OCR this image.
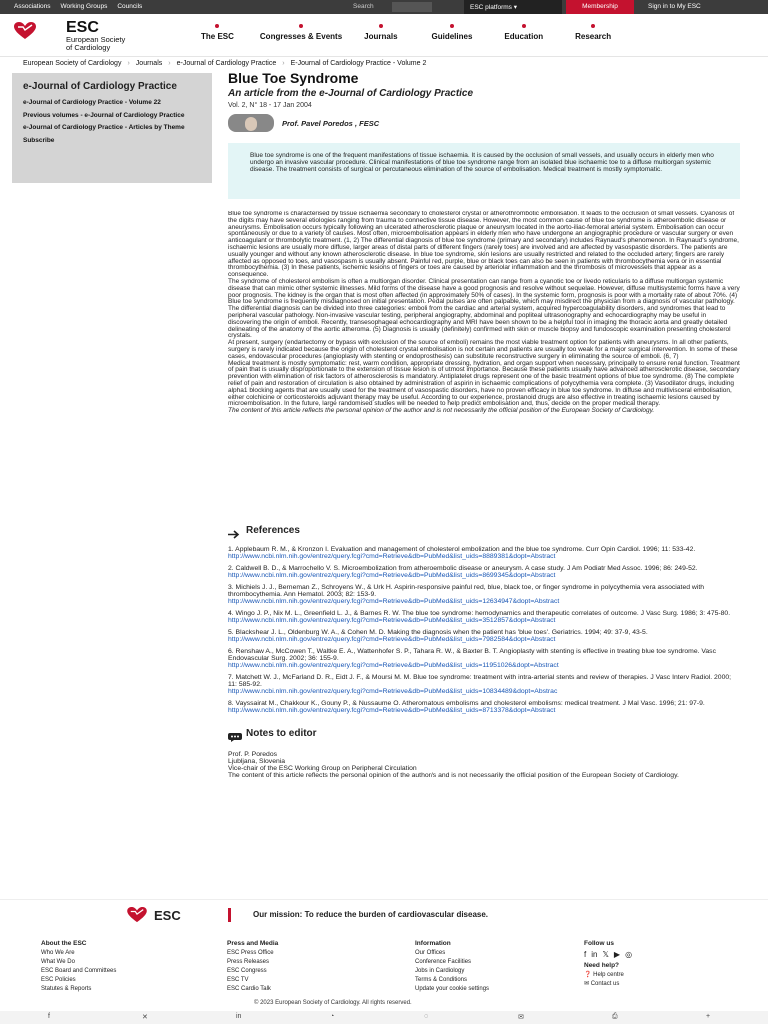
Associations Working Groups Councils	Search	ESC platforms ▾	Membership	Sign in to My ESC
ESC
European Society
of Cardiology
The ESC	Congresses & Events	Journals	Guidelines	Education	Research
European Society of Cardiology › Journals › e-Journal of Cardiology Practice › E-Journal of Cardiology Practice - Volume 2
e-Journal of Cardiology Practice
e-Journal of Cardiology Practice - Volume 22
Previous volumes - e-Journal of Cardiology Practice
e-Journal of Cardiology Practice - Articles by Theme
Subscribe
Blue Toe Syndrome
An article from the e-Journal of Cardiology Practice
Vol. 2, N° 18 - 17 Jan 2004
Prof. Pavel Poredos , FESC
Blue toe syndrome is one of the frequent manifestations of tissue ischaemia. It is caused by the occlusion of small vessels, and usually occurs in elderly men who undergo an invasive vascular procedure. Clinical manifestations of blue toe syndrome range from an isolated blue ischaemic toe to a diffuse multiorgan systemic disease. The treatment consists of surgical or percutaneous elimination of the source of embolisation. Medical treatment is mostly symptomatic.

Blue toe syndrome is characterised by tissue ischaemia secondary to cholesterol crystal or atherothrombotic embolisation. It leads to the occlusion of small vessels. Cyanosis of the digits may have several etiologies ranging from trauma to connective tissue disease. However, the most common cause of blue toe syndrome is atheroembolic disease or aneurysms. Embolisation occurs typically following an ulcerated atherosclerotic plaque or aneurysm located in the aorto-iliac-femoral arterial system. Embolisation can occur spontaneously or due to a variety of causes. Most often, microembolisation appears in elderly men who have undergone an angiographic procedure or vascular surgery or even anticoagulant or thrombolytic treatment. (1, 2) The differential diagnosis of blue toe syndrome (primary and secondary) includes Raynaud's phenomenon. In Raynaud's syndrome, ischaemic lesions are usually more diffuse, larger areas of distal parts of different fingers (rarely toes) are involved and are affected by vasospastic disorders. The patients are usually younger and without any known atherosclerotic disease. In blue toe syndrome, skin lesions are usually restricted and related to the occluded artery; fingers are rarely affected as opposed to toes, and vasospasm is usually absent. Painful red, purple, blue or black toes can also be seen in patients with thrombocythemia vera or in essential thrombocythemia. (3) In these patients, ischemic lesions of fingers or toes are caused by arteriolar inflammation and the thrombosis of microvessels that appear as a consequence.

The syndrome of cholesterol embolism is often a multiorgan disorder. Clinical presentation can range from a cyanotic toe or livedo reticularis to a diffuse multiorgan systemic disease that can mimic other systemic illnesses. Mild forms of the disease have a good prognosis and resolve without sequelae. However, diffuse multisystemic forms have a very poor prognosis. The kidney is the organ that is most often affected (in approximately 50% of cases). In the systemic form, prognosis is poor with a mortality rate of about 70%. (4)

Blue toe syndrome is frequently misdiagnosed on initial presentation. Pedal pulses are often palpable, which may misdirect the physician from a diagnosis of vascular pathology. The differential diagnosis can be divided into three categories: emboli from the cardiac and arterial system, acquired hypercoagulability disorders, and syndromes that lead to peripheral vascular pathology. Non-invasive vascular testing, peripheral angiography, abdominal and popliteal ultrasonography and echocardiography may be useful in discovering the origin of emboli. Recently, transesophageal echocardiography and MRI have been shown to be a helpful tool in imaging the thoracic aorta and greatly detailed delineating of the anatomy of the aortic atheroma. (5) Diagnosis is usually (definitely) confirmed with skin or muscle biopsy and fundoscopic examination presenting cholesterol crystals.

At present, surgery (endartectomy or bypass with exclusion of the source of emboli) remains the most viable treatment option for patients with aneurysms. In all other patients, surgery is rarely indicated because the origin of cholesterol crystal embolisation is not certain and patients are usually too weak for a major surgical intervention. In some of these cases, endovascular procedures (angioplasty with stenting or endoprosthesis) can substitute reconstructive surgery in eliminating the source of emboli. (6, 7)

Medical treatment is mostly symptomatic: rest, warm condition, appropriate dressing, hydration, and organ support when necessary, principally to ensure renal function. Treatment of pain that is usually disproportionate to the extension of tissue lesion is of utmost importance. Because these patients usually have advanced atherosclerotic disease, secondary prevention with elimination of risk factors of atherosclerosis is mandatory. Antiplatelet drugs represent one of the basic treatment options of blue toe syndrome. (8) The complete relief of pain and restoration of circulation is also obtained by administration of aspirin in ischaemic complications of polycythemia vera complete. (3) Vasodilator drugs, including alpha1 blocking agents that are usually used for the treatment of vasospastic disorders, have no proven efficacy in blue toe syndrome. In diffuse and multivisceral embolisation, either colchicine or corticosteroids adjuvant therapy may be useful. According to our experience, prostanoid drugs are also effective in treating ischaemic lesions caused by microembolisation. In the future, large randomised studies will be needed to help predict embolisation and, thus, decide on the proper medical therapy.

The content of this article reflects the personal opinion of the author and is not necessarily the official position of the European Society of Cardiology.

References
1. Applebaum R. M., & Kronzon I. Evaluation and management of cholesterol embolization and the blue toe syndrome. Curr Opin Cardiol. 1996; 11: 533-42.
http://www.ncbi.nlm.nih.gov/entrez/query.fcgi?cmd=Retrieve&db=PubMed&list_uids=8889381&dopt=Abstract
2. Caldwell B. D., & Marrochello V. S. Microembolization from atheroembolic disease or aneurysm. A case study. J Am Podiatr Med Assoc. 1996; 86: 249-52.
http://www.ncbi.nlm.nih.gov/entrez/query.fcgi?cmd=Retrieve&db=PubMed&list_uids=8699345&dopt=Abstract
3. Michiels J. J., Berneman Z., Schroyens W., & Urk H. Aspirin-responsive painful red, blue, black toe, or finger syndrome in polycythemia vera associated with thrombocythemia. Ann Hematol. 2003; 82: 153-9.
http://www.ncbi.nlm.nih.gov/entrez/query.fcgi?cmd=Retrieve&db=PubMed&list_uids=12634947&dopt=Abstract
4. Wingo J. P., Nix M. L., Greenfield L. J., & Barnes R. W. The blue toe syndrome: hemodynamics and therapeutic correlates of outcome. J Vasc Surg. 1986; 3: 475-80.
http://www.ncbi.nlm.nih.gov/entrez/query.fcgi?cmd=Retrieve&db=PubMed&list_uids=3512857&dopt=Abstract
5. Blackshear J. L., Oldenburg W. A., & Cohen M. D. Making the diagnosis when the patient has 'blue toes'. Geriatrics. 1994; 49: 37-9, 43-5.
http://www.ncbi.nlm.nih.gov/entrez/query.fcgi?cmd=Retrieve&db=PubMed&list_uids=7982584&dopt=Abstract
6. Renshaw A., McCowen T., Waltke E. A., Wattenhofer S. P., Tahara R. W., & Baxter B. T. Angioplasty with stenting is effective in treating blue toe syndrome. Vasc Endovascular Surg. 2002; 36: 155-9.
http://www.ncbi.nlm.nih.gov/entrez/query.fcgi?cmd=Retrieve&db=PubMed&list_uids=11951026&dopt=Abstract
7. Matchett W. J., McFarland D. R., Eidt J. F., & Moursi M. M. Blue toe syndrome: treatment with intra-arterial stents and review of therapies. J Vasc Interv Radiol. 2000; 11: 585-92.
http://www.ncbi.nlm.nih.gov/entrez/query.fcgi?cmd=Retrieve&db=PubMed&list_uids=10834489&dopt=Abstrac
8. Vayssairat M., Chakkour K., Gouny P., & Nussaume O. Atheromatous embolisms and cholesterol embolisms: medical treatment. J Mal Vasc. 1996; 21: 97-9.
http://www.ncbi.nlm.nih.gov/entrez/query.fcgi?cmd=Retrieve&db=PubMed&list_uids=8713378&dopt=Abstract
Notes to editor
Prof. P. Poredos
Ljubljana, Slovenia
Vice-chair of the ESC Working Group on Peripheral Circulation
The content of this article reflects the personal opinion of the author/s and is not necessarily the official position of the European Society of Cardiology.
ESC	Our mission: To reduce the burden of cardiovascular disease.
About the ESC
Who We Are
What We Do
ESC Board and Committees
ESC Policies
Statutes & Reports
Press and Media
ESC Press Office
Press Releases
ESC Congress
ESC TV
ESC Cardio Talk
Information
Our Offices
Conference Facilities
Jobs in Cardiology
Terms & Conditions
Update your cookie settings
Follow us
f in 𝕏 ▶ ◎
Need help?
❓ Help centre
✉ Contact us
© 2023 European Society of Cardiology. All rights reserved.
f	✕	in	◔	◌	✉	⎙	+
